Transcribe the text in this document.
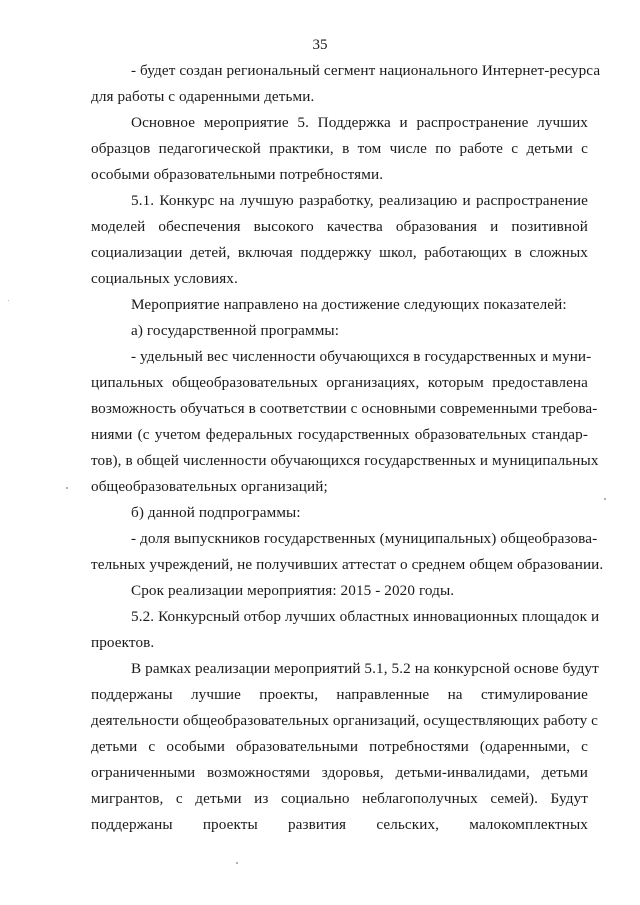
35
- будет создан региональный сегмент национального Интернет-ресурса
для работы с одаренными детьми.
Основное мероприятие 5. Поддержка и распространение лучших
образцов педагогической практики, в том числе по работе с детьми с
особыми образовательными потребностями.
5.1. Конкурс на лучшую разработку, реализацию и распространение
моделей обеспечения высокого качества образования и позитивной
социализации детей, включая поддержку школ, работающих в сложных
социальных условиях.
Мероприятие направлено на достижение следующих показателей:
а) государственной программы:
- удельный вес численности обучающихся в государственных и муни-
ципальных общеобразовательных организациях, которым предоставлена
возможность обучаться в соответствии с основными современными требова-
ниями (с учетом федеральных государственных образовательных стандар-
тов), в общей численности обучающихся государственных и муниципальных
общеобразовательных организаций;
б) данной подпрограммы:
- доля выпускников государственных (муниципальных) общеобразова-
тельных учреждений, не получивших аттестат о среднем общем образовании.
Срок реализации мероприятия: 2015 - 2020 годы.
5.2. Конкурсный отбор лучших областных инновационных площадок и
проектов.
В рамках реализации мероприятий 5.1, 5.2 на конкурсной основе будут
поддержаны лучшие проекты, направленные на стимулирование
деятельности общеобразовательных организаций, осуществляющих работу с
детьми с особыми образовательными потребностями (одаренными, с
ограниченными возможностями здоровья, детьми-инвалидами, детьми
мигрантов, с детьми из социально неблагополучных семей). Будут
поддержаны проекты развития сельских, малокомплектных
